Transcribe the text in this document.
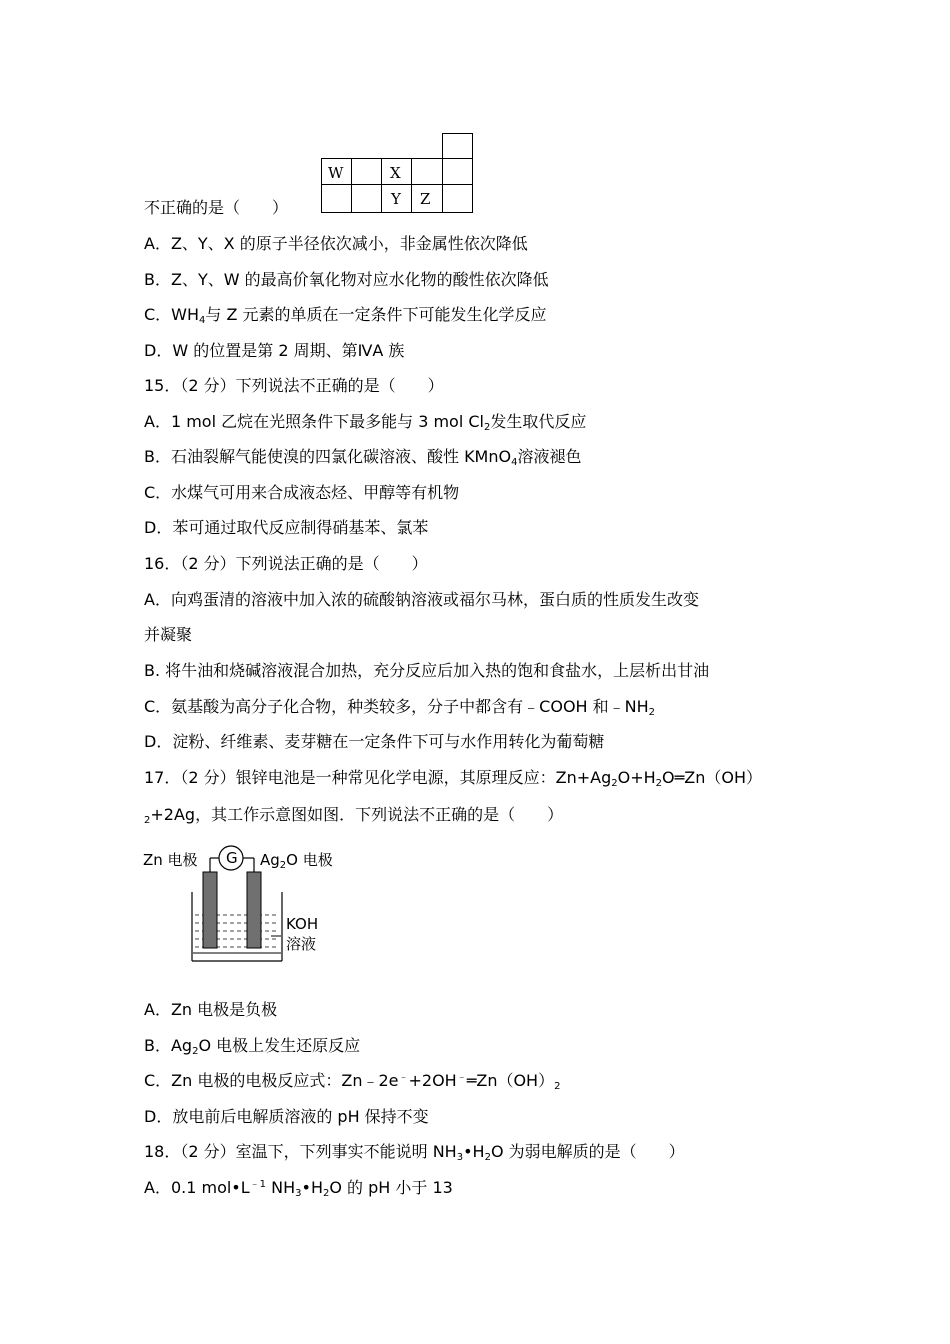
W	X
Y Z
不正确的是（　　）
A．Z、Y、X 的原子半径依次减小，非金属性依次降低
B．Z、Y、W 的最高价氧化物对应水化物的酸性依次降低
C．$WH_4$与 Z 元素的单质在一定条件下可能发生化学反应
D．W 的位置是第 2 周期、第ⅣA 族
15．（2 分）下列说法不正确的是（　　）
A．1 mol 乙烷在光照条件下最多能与 3 mol $Cl_2$发生取代反应
B．石油裂解气能使溴的四氯化碳溶液、酸性 KMnO$_4$溶液褪色
C．水煤气可用来合成液态烃、甲醇等有机物
D．苯可通过取代反应制得硝基苯、氯苯
16．（2 分）下列说法正确的是（　　）
A．向鸡蛋清的溶液中加入浓的硫酸钠溶液或福尔马林，蛋白质的性质发生改变
并凝聚
B. 将牛油和烧碱溶液混合加热，充分反应后加入热的饱和食盐水，上层析出甘油
C．氨基酸为高分子化合物，种类较多，分子中都含有﹣COOH 和$﹣NH_2$
D．淀粉、纤维素、麦芽糖在一定条件下可与水作用转化为葡萄糖
17．（2 分）银锌电池是一种常见化学电源，其原理反应：$Zn+Ag_2O+H_2O═Zn(OH)$
$_2$+2Ag，其工作示意图如图．下列说法不正确的是（　　）
Zn 电极 G $Ag_2O$ 电极
KOH
溶液
A．Zn 电极是负极
B．$Ag_2O$ 电极上发生还原反应
C．Zn 电极的电极反应式：$Zn﹣2e^﹣+2OH^﹣═Zn(OH)_2$
D．放电前后电解质溶液的 pH 保持不变
18．（2 分）室温下，下列事实不能说明 $NH_3•H_2O$ 为弱电解质的是（　　）
A．0.1 $mol•L^{﹣1}$ $NH_3•H_2O$ 的 pH 小于 13
